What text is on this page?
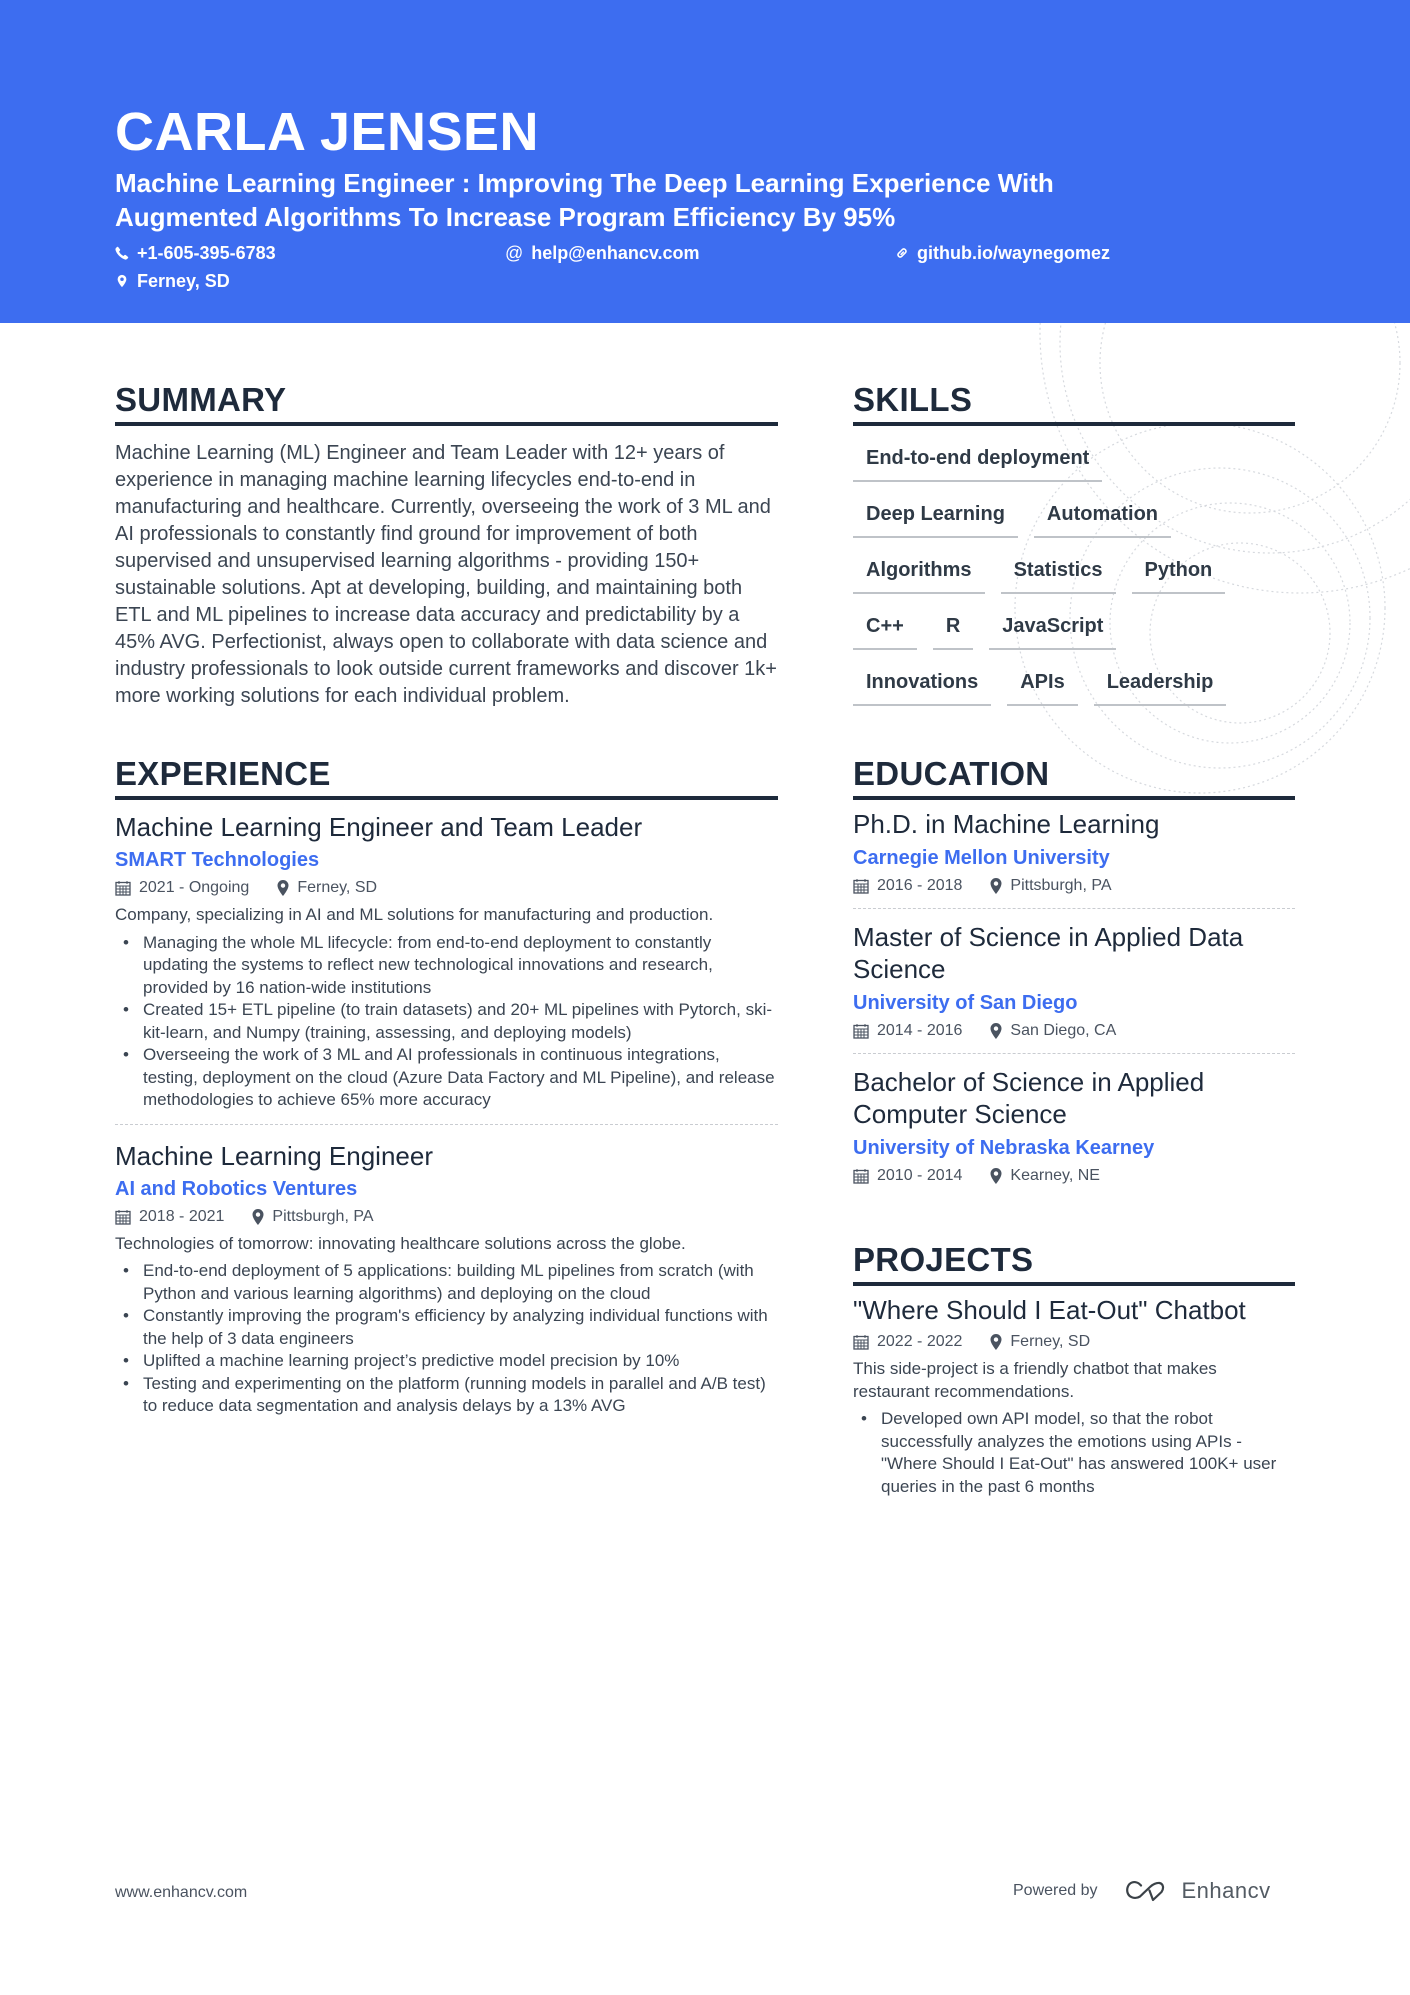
CARLA JENSEN
Machine Learning Engineer : Improving The Deep Learning Experience With Augmented Algorithms To Increase Program Efficiency By 95%
+1-605-395-6783	@ help@enhancv.com	github.io/waynegomez
Ferney, SD
SUMMARY

Machine Learning (ML) Engineer and Team Leader with 12+ years of experience in managing machine learning lifecycles end-to-end in manufacturing and healthcare. Currently, overseeing the work of 3 ML and AI professionals to constantly find ground for improvement of both supervised and unsupervised learning algorithms - providing 150+ sustainable solutions. Apt at developing, building, and maintaining both ETL and ML pipelines to increase data accuracy and predictability by a 45% AVG. Perfectionist, always open to collaborate with data science and industry professionals to look outside current frameworks and discover 1k+ more working solutions for each individual problem.

EXPERIENCE
Machine Learning Engineer and Team Leader
SMART Technologies
2021 - Ongoing	Ferney, SD
Company, specializing in AI and ML solutions for manufacturing and production.
• Managing the whole ML lifecycle: from end-to-end deployment to constantly updating the systems to reflect new technological innovations and research, provided by 16 nation-wide institutions
• Created 15+ ETL pipeline (to train datasets) and 20+ ML pipelines with Pytorch, ski-kit-learn, and Numpy (training, assessing, and deploying models)
• Overseeing the work of 3 ML and AI professionals in continuous integrations, testing, deployment on the cloud (Azure Data Factory and ML Pipeline), and release methodologies to achieve 65% more accuracy
Machine Learning Engineer
AI and Robotics Ventures
2018 - 2021	Pittsburgh, PA
Technologies of tomorrow: innovating healthcare solutions across the globe.
• End-to-end deployment of 5 applications: building ML pipelines from scratch (with Python and various learning algorithms) and deploying on the cloud
• Constantly improving the program's efficiency by analyzing individual functions with the help of 3 data engineers
• Uplifted a machine learning project’s predictive model precision by 10%
• Testing and experimenting on the platform (running models in parallel and A/B test) to reduce data segmentation and analysis delays by a 13% AVG
SKILLS
End-to-end deployment
Deep Learning	Automation
Algorithms	Statistics	Python
C++	R	JavaScript
Innovations	APIs	Leadership
EDUCATION
Ph.D. in Machine Learning
Carnegie Mellon University
2016 - 2018	Pittsburgh, PA
Master of Science in Applied Data Science
University of San Diego
2014 - 2016	San Diego, CA
Bachelor of Science in Applied Computer Science
University of Nebraska Kearney
2010 - 2014	Kearney, NE
PROJECTS
"Where Should I Eat-Out" Chatbot
2022 - 2022	Ferney, SD
This side-project is a friendly chatbot that makes restaurant recommendations.
• Developed own API model, so that the robot successfully analyzes the emotions using APIs - "Where Should I Eat-Out" has answered 100K+ user queries in the past 6 months
www.enhancv.com	Powered by	Enhancv
